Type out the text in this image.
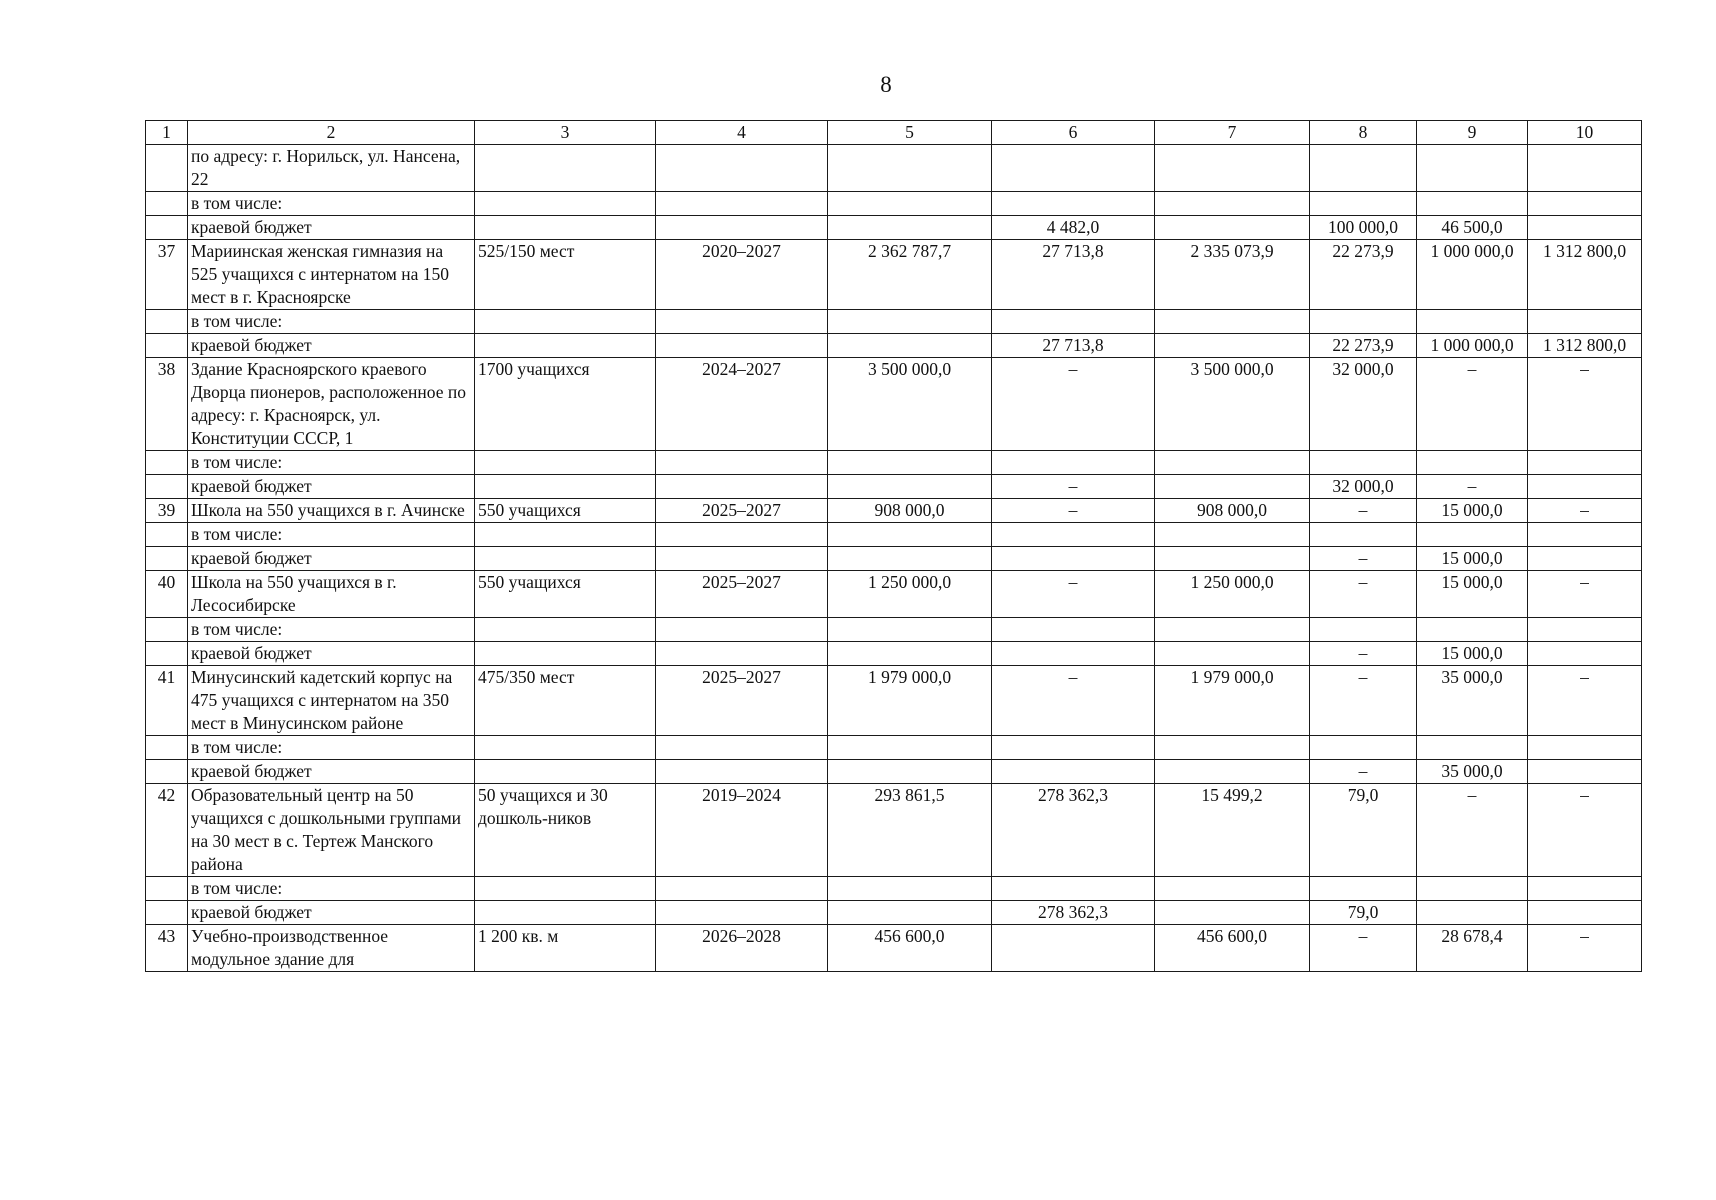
8
1	2	3	4	5	6	7	8	9	10
	по адресу: г. Норильск, ул. Нансена, 22								
	в том числе:								
	краевой бюджет				4 482,0		100 000,0	46 500,0	
37	Мариинская женская гимназия на 525 учащихся с интернатом на 150 мест в г. Красноярске	525/150 мест	2020–2027	2 362 787,7	27 713,8	2 335 073,9	22 273,9	1 000 000,0	1 312 800,0
	в том числе:								
	краевой бюджет				27 713,8		22 273,9	1 000 000,0	1 312 800,0
38	Здание Красноярского краевого Дворца пионеров, расположенное по адресу: г. Красноярск, ул. Конституции СССР, 1	1700 учащихся	2024–2027	3 500 000,0	–	3 500 000,0	32 000,0	–	–
	в том числе:								
	краевой бюджет				–		32 000,0	–	
39	Школа на 550 учащихся в г. Ачинске	550 учащихся	2025–2027	908 000,0	–	908 000,0	–	15 000,0	–
	в том числе:								
	краевой бюджет						–	15 000,0	
40	Школа на 550 учащихся в г. Лесосибирске	550 учащихся	2025–2027	1 250 000,0	–	1 250 000,0	–	15 000,0	–
	в том числе:								
	краевой бюджет						–	15 000,0	
41	Минусинский кадетский корпус на 475 учащихся с интернатом на 350 мест в Минусинском районе	475/350 мест	2025–2027	1 979 000,0	–	1 979 000,0	–	35 000,0	–
	в том числе:								
	краевой бюджет						–	35 000,0	
42	Образовательный центр на 50 учащихся с дошкольными группами на 30 мест в с. Тертеж Манского района	50 учащихся и 30 дошколь-ников	2019–2024	293 861,5	278 362,3	15 499,2	79,0	–	–
	в том числе:								
	краевой бюджет				278 362,3		79,0		
43	Учебно-производственное модульное здание для	1 200 кв. м	2026–2028	456 600,0		456 600,0	–	28 678,4	–
